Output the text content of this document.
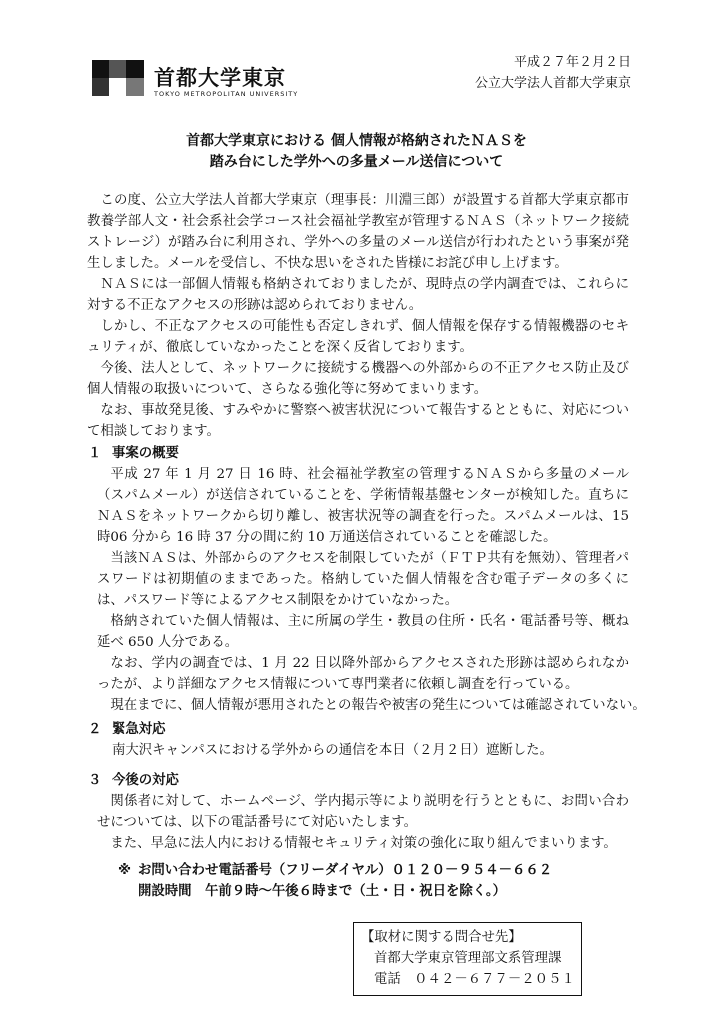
首都大学東京
TOKYO METROPOLITAN UNIVERSITY
平成２７年２月２日
公立大学法人首都大学東京
首都大学東京における 個人情報が格納されたＮＡＳを
踏み台にした学外への多量メール送信について

この度、公立大学法人首都大学東京（理事長：川淵三郎）が設置する首都大学東京都市教養学部人文・社会系社会学コース社会福祉学教室が管理するＮＡＳ（ネットワーク接続ストレージ）が踏み台に利用され、学外への多量のメール送信が行われたという事案が発生しました。メールを受信し、不快な思いをされた皆様にお詫び申し上げます。

ＮＡＳには一部個人情報も格納されておりましたが、現時点の学内調査では、これらに対する不正なアクセスの形跡は認められておりません。

しかし、不正なアクセスの可能性も否定しきれず、個人情報を保存する情報機器のセキュリティが、徹底していなかったことを深く反省しております。

今後、法人として、ネットワークに接続する機器への外部からの不正アクセス防止及び個人情報の取扱いについて、さらなる強化等に努めてまいります。

なお、事故発見後、すみやかに警察へ被害状況について報告するとともに、対応について相談しております。

１ 事案の概要

平成 27 年 1 月 27 日 16 時、社会福祉学教室の管理するＮＡＳから多量のメール（スパムメール）が送信されていることを、学術情報基盤センターが検知した。直ちにＮＡＳをネットワークから切り離し、被害状況等の調査を行った。スパムメールは、15 時06 分から 16 時 37 分の間に約 10 万通送信されていることを確認した。

当該ＮＡＳは、外部からのアクセスを制限していたが（ＦＴＰ共有を無効）、管理者パスワードは初期値のままであった。格納していた個人情報を含む電子データの多くには、パスワード等によるアクセス制限をかけていなかった。

格納されていた個人情報は、主に所属の学生・教員の住所・氏名・電話番号等、概ね延べ 650 人分である。

なお、学内の調査では、1 月 22 日以降外部からアクセスされた形跡は認められなかったが、より詳細なアクセス情報について専門業者に依頼し調査を行っている。

現在までに、個人情報が悪用されたとの報告や被害の発生については確認されていない。

２ 緊急対応

南大沢キャンパスにおける学外からの通信を本日（２月２日）遮断した。

３ 今後の対応

関係者に対して、ホームページ、学内掲示等により説明を行うとともに、お問い合わせについては、以下の電話番号にて対応いたします。

また、早急に法人内における情報セキュリティ対策の強化に取り組んでまいります。

※ お問い合わせ電話番号（フリーダイヤル）０１２０－９５４－６６２
開設時間　午前９時～午後６時まで（土・日・祝日を除く。）
【取材に関する問合せ先】
首都大学東京管理部文系管理課
電話　０４２－６７７－２０５１
